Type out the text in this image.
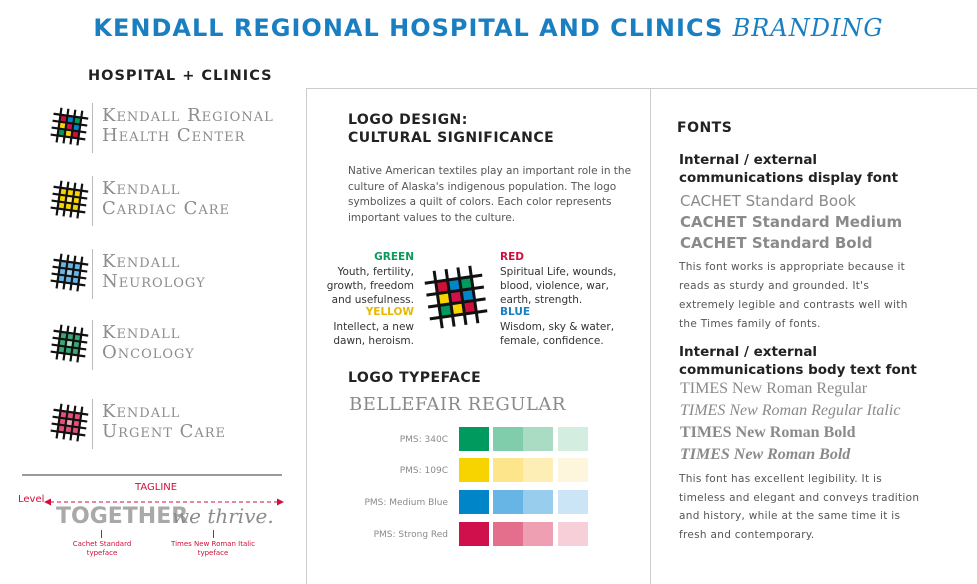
KENDALL REGIONAL HOSPITAL AND CLINICS BRANDING
HOSPITAL + CLINICS
Kendall Regional
Health Center
Kendall
Cardiac Care
Kendall
Neurology
Kendall
Oncology
Kendall
Urgent Care
TAGLINE
Level
TOGETHER
we thrive.
Cachet Standard
typeface
Times New Roman Italic
typeface
LOGO DESIGN:
CULTURAL SIGNIFICANCE
Native American textiles play an important role in the culture of Alaska's indigenous population. The logo symbolizes a quilt of colors. Each color represents important values to the culture.
GREEN
Youth, fertility, growth, freedom and usefulness.
YELLOW
Intellect, a new dawn, heroism.
RED
Spiritual Life, wounds, blood, violence, war, earth, strength.
BLUE
Wisdom, sky & water, female, confidence.
LOGO TYPEFACE
BELLEFAIR REGULAR
PMS: 340C
PMS: 109C
PMS: Medium Blue
PMS: Strong Red
FONTS
Internal / external
communications display font
CACHET Standard Book
CACHET Standard Medium
CACHET Standard Bold
This font works is appropriate because it reads as sturdy and grounded. It's extremely legible and contrasts well with the Times family of fonts.
Internal / external
communications body text font
TIMES New Roman Regular
TIMES New Roman Regular Italic
TIMES New Roman Bold
TIMES New Roman Bold
This font has excellent legibility. It is timeless and elegant and conveys tradition and history, while at the same time it is fresh and contemporary.
